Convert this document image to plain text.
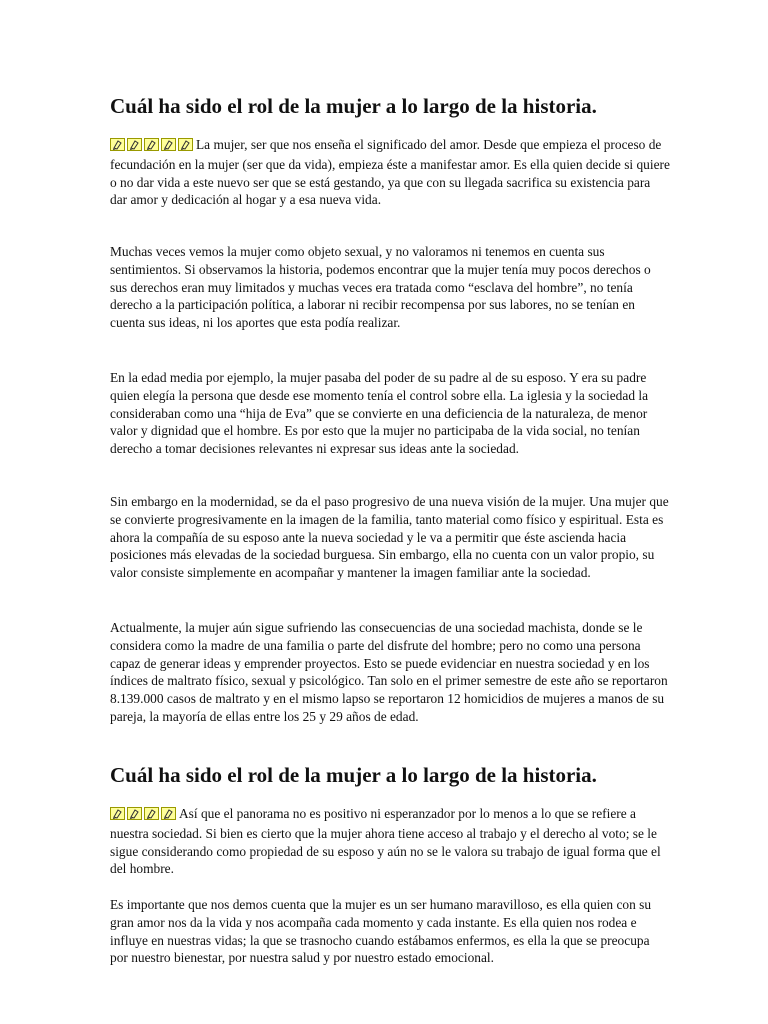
Cuál ha sido el rol de la mujer a lo largo de la historia.

La mujer, ser que nos enseña el significado del amor. Desde que empieza el proceso de fecundación en la mujer (ser que da vida), empieza éste a manifestar amor. Es ella quien decide si quiere o no dar vida a este nuevo ser que se está gestando, ya que con su llegada sacrifica su existencia para dar amor y dedicación al hogar y a esa nueva vida.

Muchas veces vemos la mujer como objeto sexual, y no valoramos ni tenemos en cuenta sus sentimientos. Si observamos la historia, podemos encontrar que la mujer tenía muy pocos derechos o sus derechos eran muy limitados y muchas veces era tratada como “esclava del hombre”, no tenía derecho a la participación política, a laborar ni recibir recompensa por sus labores, no se tenían en cuenta sus ideas, ni los aportes que esta podía realizar.

En la edad media por ejemplo, la mujer pasaba del poder de su padre al de su esposo. Y era su padre quien elegía la persona que desde ese momento tenía el control sobre ella. La iglesia y la sociedad la consideraban como una “hija de Eva” que se convierte en una deficiencia de la naturaleza, de menor valor y dignidad que el hombre. Es por esto que la mujer no participaba de la vida social, no tenían derecho a tomar decisiones relevantes ni expresar sus ideas ante la sociedad.

Sin embargo en la modernidad, se da el paso progresivo de una nueva visión de la mujer. Una mujer que se convierte progresivamente en la imagen de la familia, tanto material como físico y espiritual. Esta es ahora la compañía de su esposo ante la nueva sociedad y le va a permitir que éste ascienda hacia posiciones más elevadas de la sociedad burguesa. Sin embargo, ella no cuenta con un valor propio, su valor consiste simplemente en acompañar y mantener la imagen familiar ante la sociedad.

Actualmente, la mujer aún sigue sufriendo las consecuencias de una sociedad machista, donde se le considera como la madre de una familia o parte del disfrute del hombre; pero no como una persona capaz de generar ideas y emprender proyectos. Esto se puede evidenciar en nuestra sociedad y en los índices de maltrato físico, sexual y psicológico. Tan solo en el primer semestre de este año se reportaron 8.139.000 casos de maltrato y en el mismo lapso se reportaron 12 homicidios de mujeres a manos de su pareja, la mayoría de ellas entre los 25 y 29 años de edad.

Cuál ha sido el rol de la mujer a lo largo de la historia.

Así que el panorama no es positivo ni esperanzador por lo menos a lo que se refiere a nuestra sociedad. Si bien es cierto que la mujer ahora tiene acceso al trabajo y el derecho al voto; se le sigue considerando como propiedad de su esposo y aún no se le valora su trabajo de igual forma que el del hombre.

Es importante que nos demos cuenta que la mujer es un ser humano maravilloso, es ella quien con su gran amor nos da la vida y nos acompaña cada momento y cada instante. Es ella quien nos rodea e influye en nuestras vidas; la que se trasnocho cuando estábamos enfermos, es ella la que se preocupa por nuestro bienestar, por nuestra salud y por nuestro estado emocional.
